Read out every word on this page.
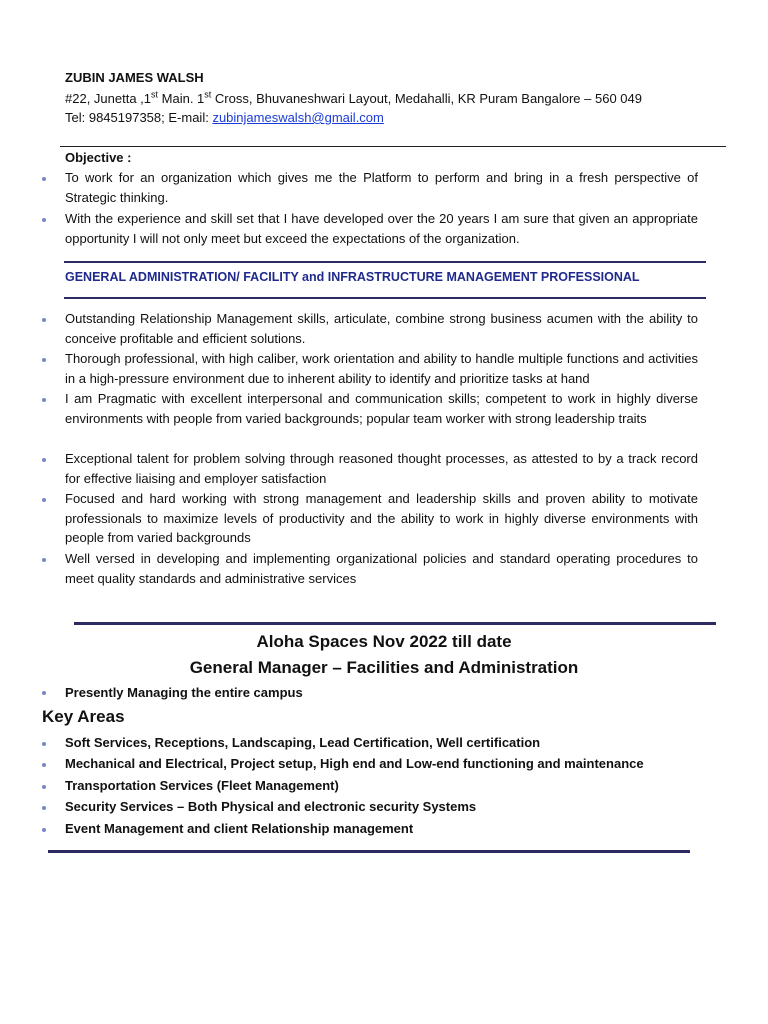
ZUBIN JAMES WALSH
#22, Junetta ,1st Main. 1st Cross, Bhuvaneshwari Layout, Medahalli, KR Puram Bangalore – 560 049
Tel: 9845197358; E-mail: zubinjameswalsh@gmail.com
Objective :
To work for an organization which gives me the Platform to perform and bring in a fresh perspective of Strategic thinking.
With the experience and skill set that I have developed over the 20 years I am sure that given an appropriate opportunity I will not only meet but exceed the expectations of the organization.
GENERAL ADMINISTRATION/ FACILITY and INFRASTRUCTURE MANAGEMENT PROFESSIONAL
Outstanding Relationship Management skills, articulate, combine strong business acumen with the ability to conceive profitable and efficient solutions.
Thorough professional, with high caliber, work orientation and ability to handle multiple functions and activities in a high-pressure environment due to inherent ability to identify and prioritize tasks at hand
I am Pragmatic with excellent interpersonal and communication skills; competent to work in highly diverse environments with people from varied backgrounds; popular team worker with strong leadership traits
Exceptional talent for problem solving through reasoned thought processes, as attested to by a track record for effective liaising and employer satisfaction
Focused and hard working with strong management and leadership skills and proven ability to motivate professionals to maximize levels of productivity and the ability to work in highly diverse environments with people from varied backgrounds
Well versed in developing and implementing organizational policies and standard operating procedures to meet quality standards and administrative services
Aloha Spaces Nov 2022 till date
General Manager – Facilities and Administration
Presently Managing the entire campus
Key Areas
Soft Services, Receptions, Landscaping, Lead Certification, Well certification
Mechanical and Electrical, Project setup, High end and Low-end functioning and maintenance
Transportation Services (Fleet Management)
Security Services – Both Physical and electronic security Systems
Event Management and client Relationship management
